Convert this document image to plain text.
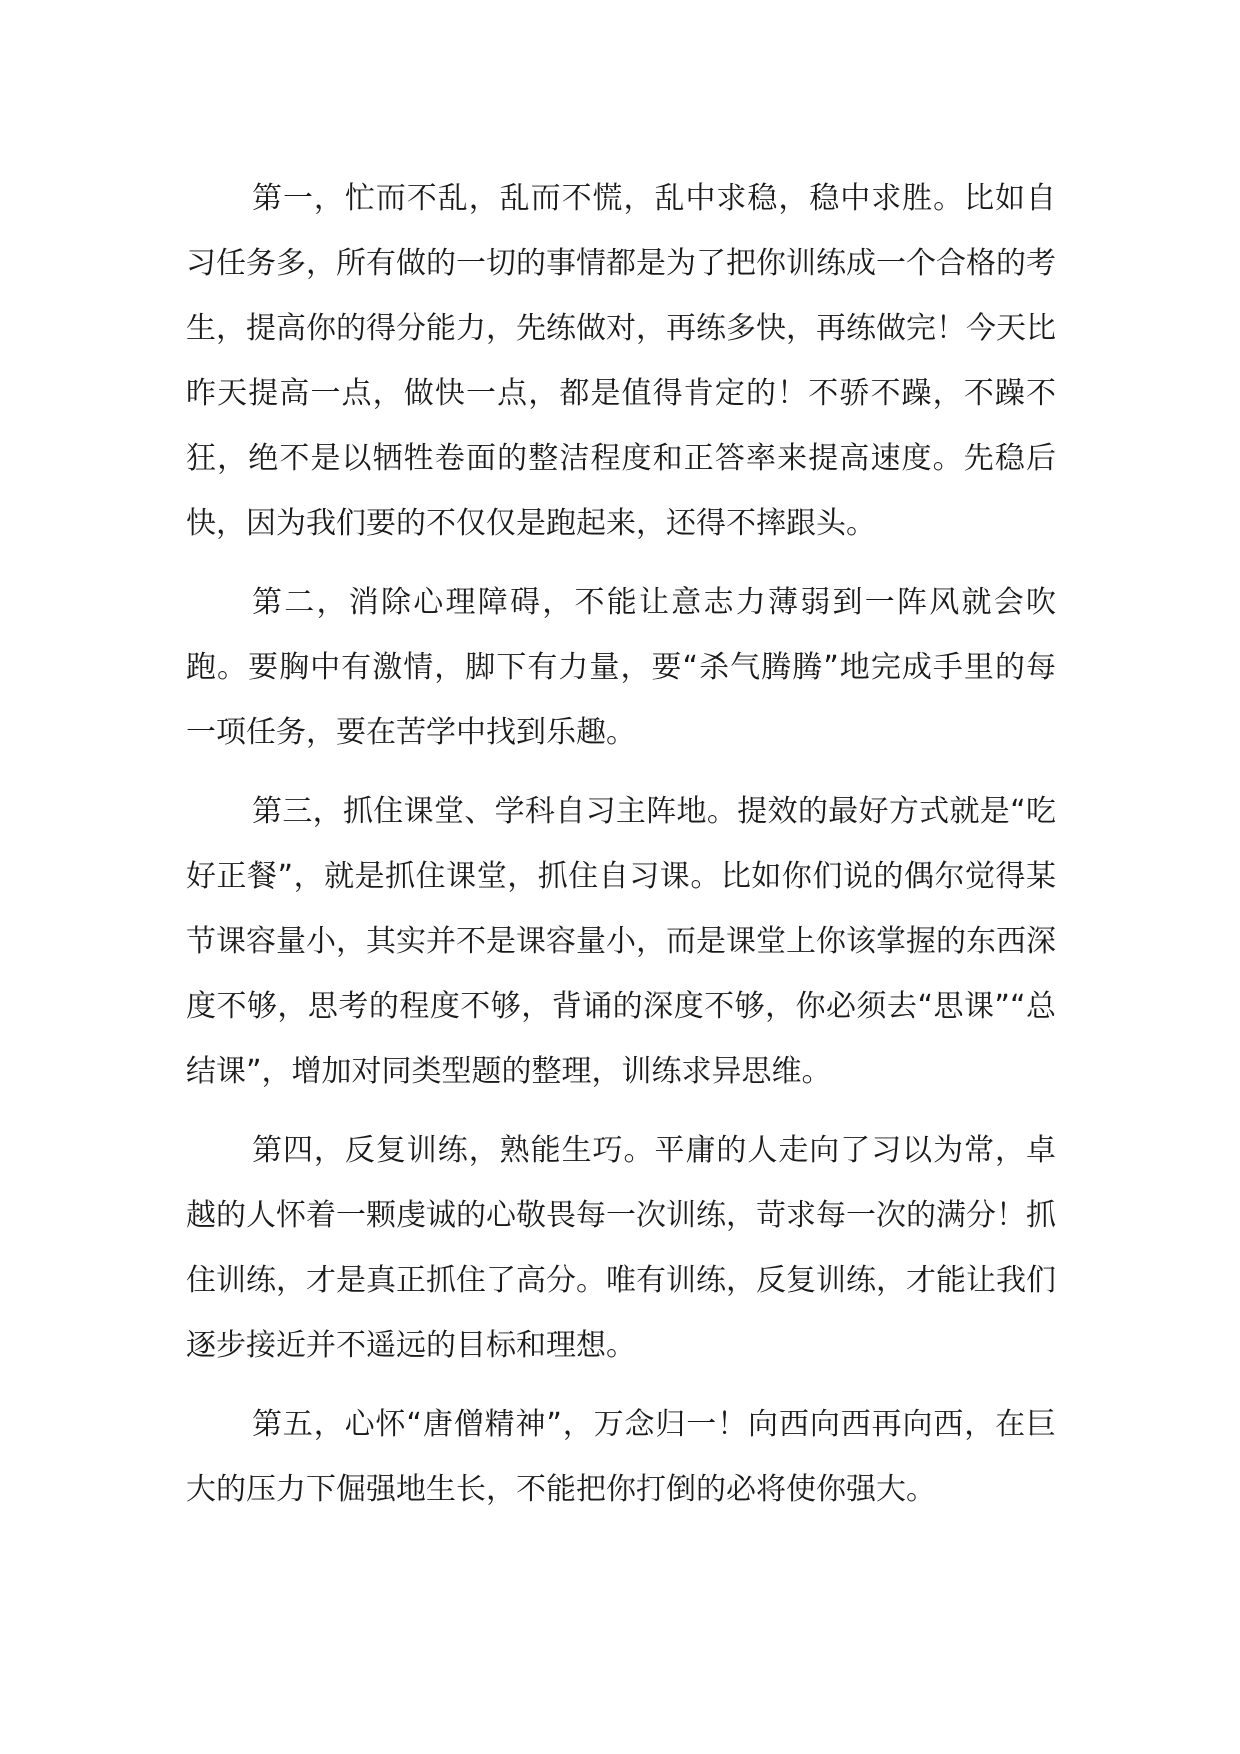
第一，忙而不乱，乱而不慌，乱中求稳，稳中求胜。比如自习任务多，所有做的一切的事情都是为了把你训练成一个合格的考生，提高你的得分能力，先练做对，再练多快，再练做完！今天比昨天提高一点，做快一点，都是值得肯定的！不骄不躁，不躁不狂，绝不是以牺牲卷面的整洁程度和正答率来提高速度。先稳后快，因为我们要的不仅仅是跑起来，还得不摔跟头。

第二，消除心理障碍，不能让意志力薄弱到一阵风就会吹跑。要胸中有激情，脚下有力量，要“杀气腾腾”地完成手里的每一项任务，要在苦学中找到乐趣。

第三，抓住课堂、学科自习主阵地。提效的最好方式就是“吃好正餐”，就是抓住课堂，抓住自习课。比如你们说的偶尔觉得某节课容量小，其实并不是课容量小，而是课堂上你该掌握的东西深度不够，思考的程度不够，背诵的深度不够，你必须去“思课”“总结课”，增加对同类型题的整理，训练求异思维。

第四，反复训练，熟能生巧。平庸的人走向了习以为常，卓越的人怀着一颗虔诚的心敬畏每一次训练，苛求每一次的满分！抓住训练，才是真正抓住了高分。唯有训练，反复训练，才能让我们逐步接近并不遥远的目标和理想。

第五，心怀“唐僧精神”，万念归一！向西向西再向西，在巨大的压力下倔强地生长，不能把你打倒的必将使你强大。
